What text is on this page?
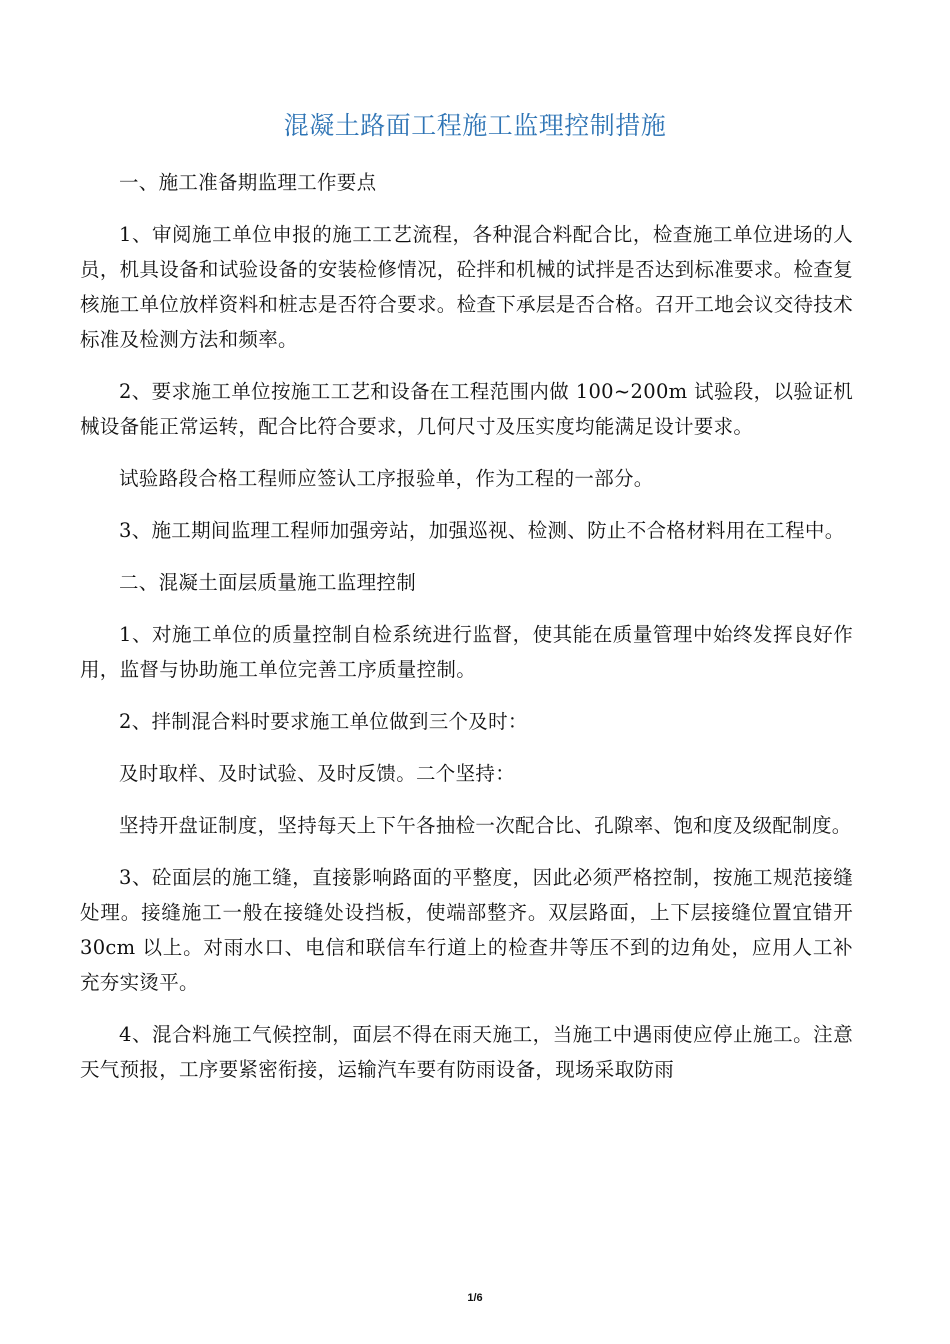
混凝土路面工程施工监理控制措施

一、施工准备期监理工作要点

1、审阅施工单位申报的施工工艺流程，各种混合料配合比，检查施工单位进场的人员，机具设备和试验设备的安装检修情况，砼拌和机械的试拌是否达到标准要求。检查复核施工单位放样资料和桩志是否符合要求。检查下承层是否合格。召开工地会议交待技术标准及检测方法和频率。

2、要求施工单位按施工工艺和设备在工程范围内做 100~200m 试验段，以验证机械设备能正常运转，配合比符合要求，几何尺寸及压实度均能满足设计要求。

试验路段合格工程师应签认工序报验单，作为工程的一部分。

3、施工期间监理工程师加强旁站，加强巡视、检测、防止不合格材料用在工程中。

二、混凝土面层质量施工监理控制

1、对施工单位的质量控制自检系统进行监督，使其能在质量管理中始终发挥良好作用，监督与协助施工单位完善工序质量控制。

2、拌制混合料时要求施工单位做到三个及时：

及时取样、及时试验、及时反馈。二个坚持：

坚持开盘证制度，坚持每天上下午各抽检一次配合比、孔隙率、饱和度及级配制度。

3、砼面层的施工缝，直接影响路面的平整度，因此必须严格控制，按施工规范接缝处理。接缝施工一般在接缝处设挡板，使端部整齐。双层路面，上下层接缝位置宜错开 30cm 以上。对雨水口、电信和联信车行道上的检查井等压不到的边角处，应用人工补充夯实烫平。

4、混合料施工气候控制，面层不得在雨天施工，当施工中遇雨使应停止施工。注意天气预报，工序要紧密衔接，运输汽车要有防雨设备，现场采取防雨

1/6
